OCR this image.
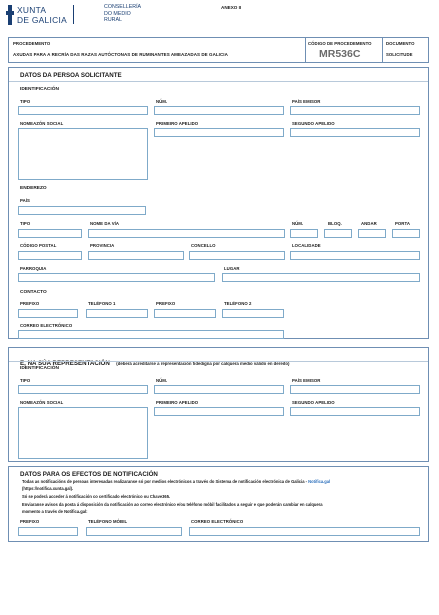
XUNTA
DE GALICIA
CONSELLERÍA
DO MEDIO
RURAL
ANEXO II
PROCEDEMENTO
AXUDAS PARA A RECRÍA DAS RAZAS AUTÓCTONAS DE RUMINANTES AMEAZADAS DE GALICIA
CÓDIGO DE PROCEDEMENTO
MR536C
DOCUMENTO
SOLICITUDE
DATOS DA PERSOA SOLICITANTE
IDENTIFICACIÓN
TIPO	NÚM.	PAÍS EMISOR
NOMEAZÓN SOCIAL	PRIMEIRO APELIDO	SEGUNDO APELIDO
ENDEREZO
PAÍS
TIPO	NOME DA VÍA	NÚM.	BLOQ.	ANDAR	PORTA
CÓDIGO POSTAL	PROVINCIA	CONCELLO	LOCALIDADE
PARROQUIA	LUGAR
CONTACTO
PREFIXO	TELÉFONO 1	PREFIXO	TELÉFONO 2
CORREO ELECTRÓNICO
E, NA SÚA REPRESENTACIÓN (deberá acreditarse a representación fidedigna por calquera medio válido en dereito)
IDENTIFICACIÓN
TIPO	NÚM.	PAÍS EMISOR
NOMEAZÓN SOCIAL	PRIMEIRO APELIDO	SEGUNDO APELIDO
DATOS PARA OS EFECTOS DE NOTIFICACIÓN
Todas as notificacións de persoas interesadas realizaranse só por medios electrónicos a través do Sistema de notificación electrónica de Galicia - Notifica.gal
(https://notifica.xunta.gal).
Só se poderá acceder á notificación co certificado electrónico ou Chave365.
Enviaranse avisos da posta á disposición da notificación ao correo electrónico e/ou teléfono móbil facilitados a seguir e que poderán cambiar en calquera
momento a través de Notifica.gal:
PREFIXO	TELÉFONO MÓBIL	CORREO ELECTRÓNICO
